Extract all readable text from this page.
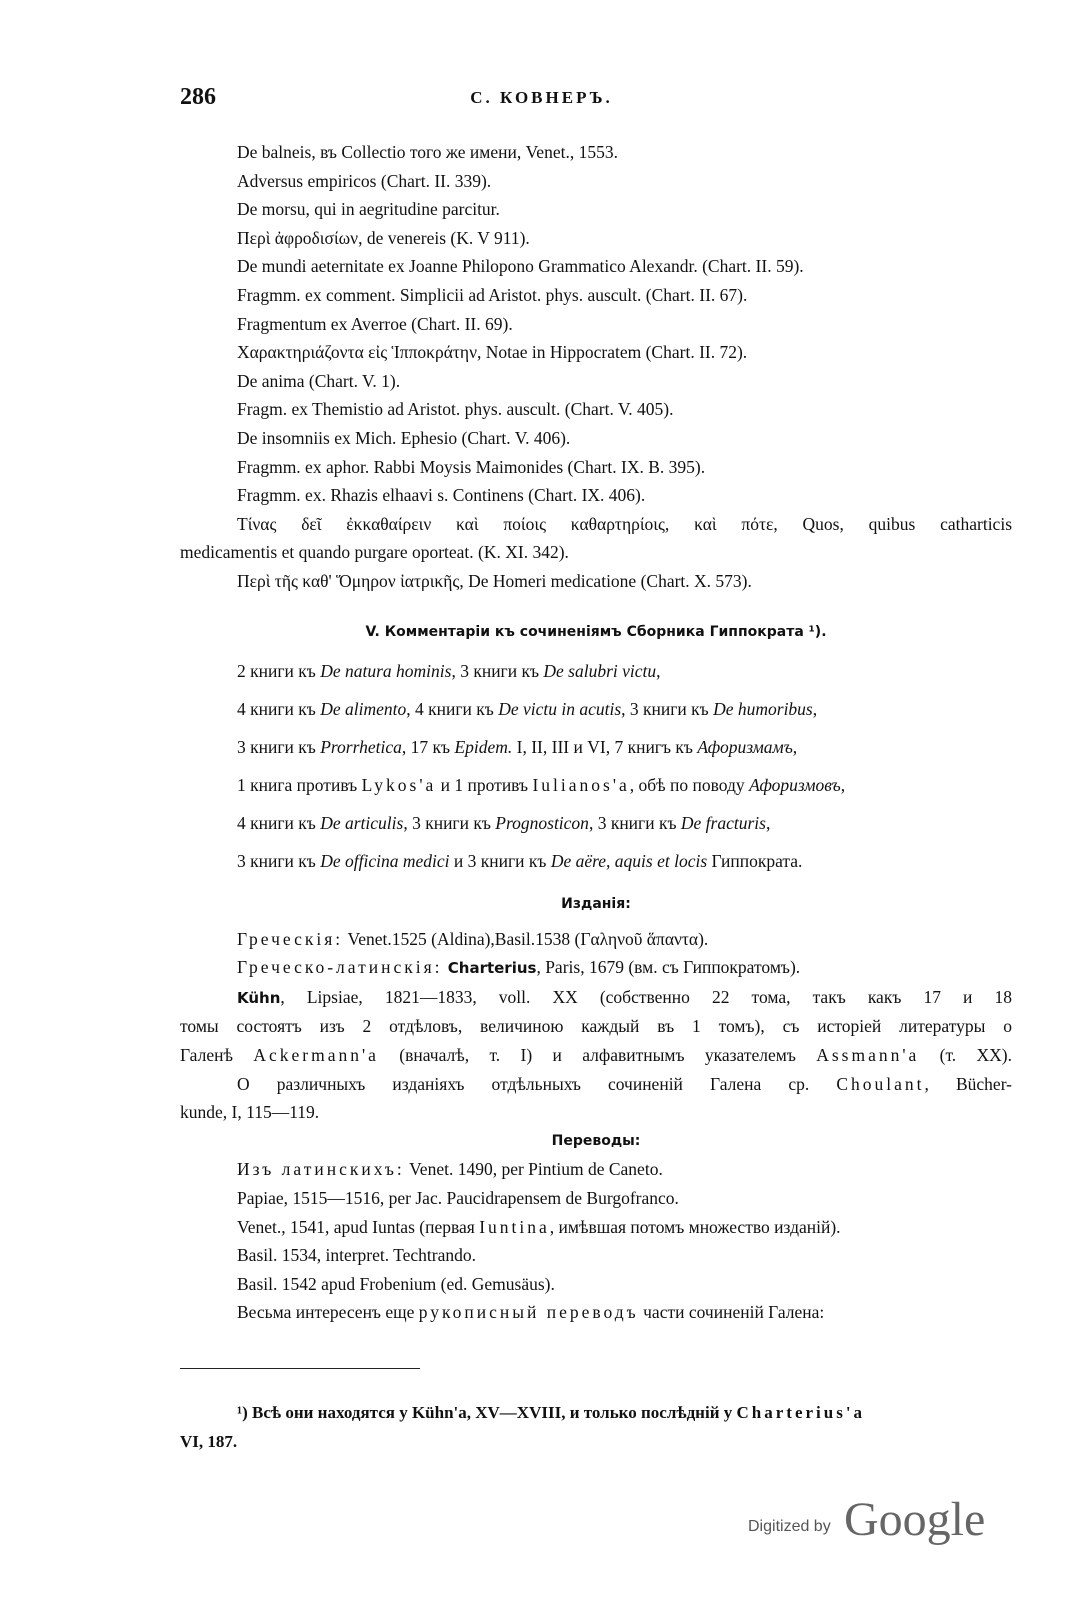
286	С. КОВНЕРЪ.
De balneis, въ Collectio того же имени, Venet., 1553.
Adversus empiricos (Chart. II. 339).
De morsu, qui in aegritudine parcitur.
Περὶ ἀφροδισίων, de venereis (K. V 911).
De mundi aeternitate ex Joanne Philopono Grammatico Alexandr. (Chart. II. 59).
Fragmm. ex comment. Simplicii ad Aristot. phys. ausсult. (Chart. II. 67).
Fragmentum ex Averroe (Chart. II. 69).
Χαρακτηριάζοντα εἰς Ἱπποκράτην, Notae in Hippocratem (Chart. II. 72).
De anima (Chart. V. 1).
Fragm. ex Themistio ad Aristot. phys. ausсult. (Chart. V. 405).
De insomniis ex Mich. Ephesio (Chart. V. 406).
Fragmm. ex aphor. Rabbi Moysis Maimonides (Chart. IX. B. 395).
Fragmm. ex. Rhazis elhaavi s. Continens (Chart. IX. 406).
Τίνας δεῖ ἐκκαθαίρειν καὶ ποίοις καθαρτηρίοις, καὶ πότε, Quos, quibus catharticis
medicamentis et quando purgare oporteat. (K. XI. 342).
Περὶ τῆς καθ' Ὅμηρον ἰατρικῆς, De Homeri medicatione (Chart. X. 573).
V. Комментаріи къ сочиненіямъ Сборника Гиппократа ¹).
2 книги къ De natura hominis, 3 книги къ De salubri victu,
4 книги къ De alimento, 4 книги къ De victu in acutis, 3 книги къ De humoribus,
3 книги къ Prorrhetica, 17 къ Epidem. I, II, III и VI, 7 книгъ къ Афоризмамъ,
1 книга противъ Lykos'а и 1 противъ Iulianos'а, обѣ по поводу Афоризмовъ,
4 книги къ De articulis, 3 книги къ Prognosticon, 3 книги къ De fracturis,
3 книги къ De officina medici и 3 книги къ De aëre, aquis et locis Гиппократа.
Изданія:
Греческія: Venet.1525 (Aldina),Basil.1538 (Γαληνοῦ ἅπαντα).
Греческо-латинскія: Charterius, Paris, 1679 (вм. съ Гиппократомъ).
Kühn, Lipsiae, 1821—1833, voll. XX (собственно 22 тома, такъ какъ 17 и 18
томы состоятъ изъ 2 отдѣловъ, величиною каждый въ 1 томъ), съ исторіей литературы о
Галенѣ Ackermann'а (вначалѣ, т. I) и алфавитнымъ указателемъ Assmann'а (т. XX).
О различныхъ изданіяхъ отдѣльныхъ сочиненій Галена ср. Choulant, Bücher-
kunde, I, 115—119.
Переводы:
Изъ латинскихъ: Venet. 1490, per Pintium de Caneto.
Papiae, 1515—1516, per Jac. Paucidrapensem de Burgofranco.
Venet., 1541, apud Iuntas (первая Iuntina, имѣвшая потомъ множество изданій).
Basil. 1534, interpret. Techtrando.
Basil. 1542 apud Frobenium (ed. Gemusäus).
Весьма интересенъ еще рукописный переводъ части сочиненій Галена:
¹) Всѣ они находятся у Kühn'а, XV—XVIII, и только послѣдній у Charterius'а
VI, 187.
Digitized by Google
